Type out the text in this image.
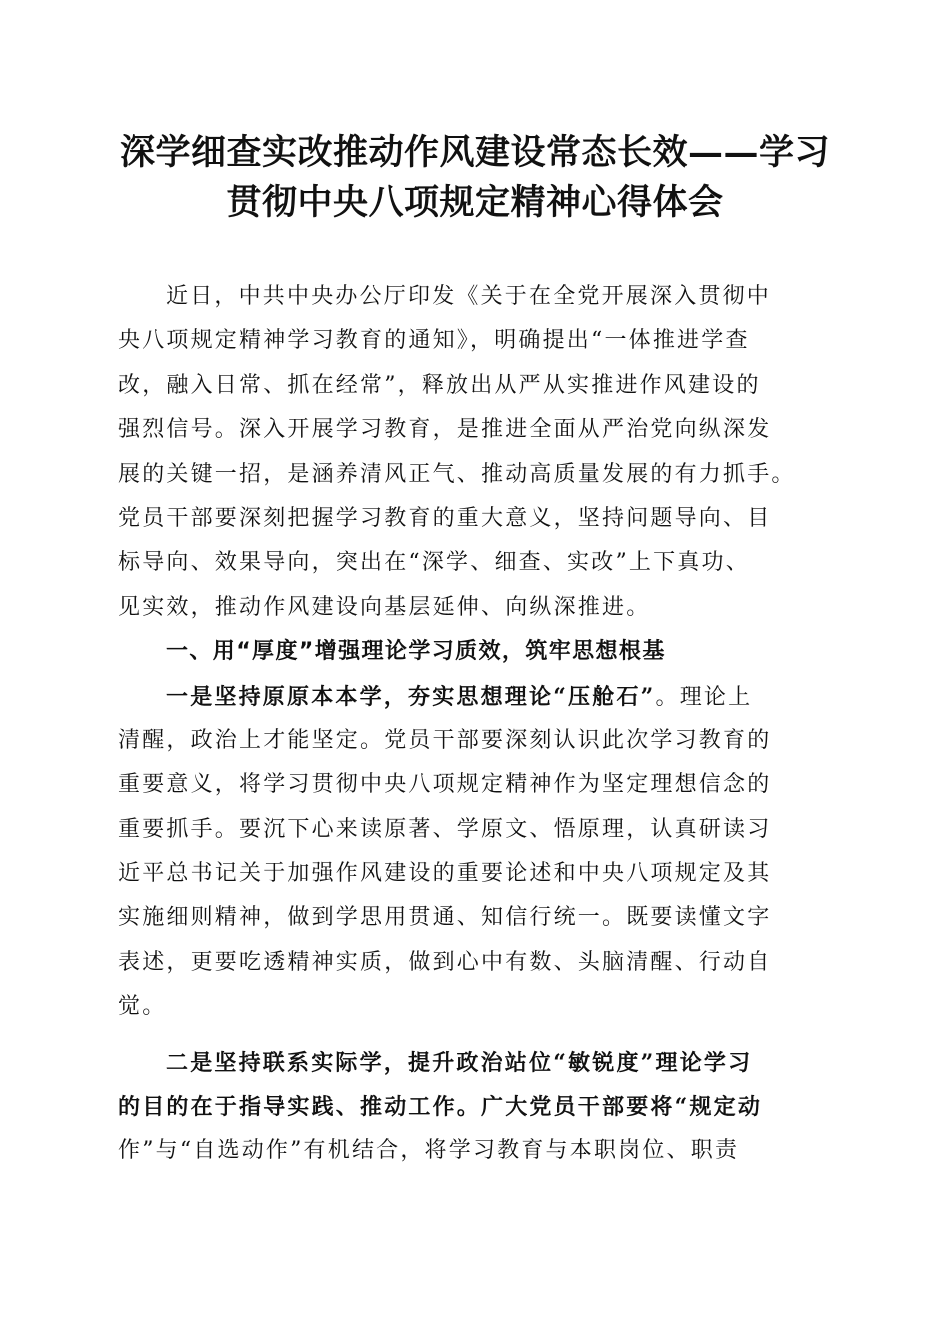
深学细查实改推动作风建设常态长效——学习
贯彻中央八项规定精神心得体会
近日，中共中央办公厅印发《关于在全党开展深入贯彻中
央八项规定精神学习教育的通知》，明确提出“一体推进学查
改，融入日常、抓在经常”，释放出从严从实推进作风建设的
强烈信号。深入开展学习教育，是推进全面从严治党向纵深发
展的关键一招，是涵养清风正气、推动高质量发展的有力抓手。
党员干部要深刻把握学习教育的重大意义，坚持问题导向、目
标导向、效果导向，突出在“深学、细查、实改”上下真功、
见实效，推动作风建设向基层延伸、向纵深推进。
一、用“厚度”增强理论学习质效，筑牢思想根基
一是坚持原原本本学，夯实思想理论“压舱石”。理论上
清醒，政治上才能坚定。党员干部要深刻认识此次学习教育的
重要意义，将学习贯彻中央八项规定精神作为坚定理想信念的
重要抓手。要沉下心来读原著、学原文、悟原理，认真研读习
近平总书记关于加强作风建设的重要论述和中央八项规定及其
实施细则精神，做到学思用贯通、知信行统一。既要读懂文字
表述，更要吃透精神实质，做到心中有数、头脑清醒、行动自
觉。
二是坚持联系实际学，提升政治站位“敏锐度”理论学习
的目的在于指导实践、推动工作。广大党员干部要将“规定动
作”与“自选动作”有机结合，将学习教育与本职岗位、职责
